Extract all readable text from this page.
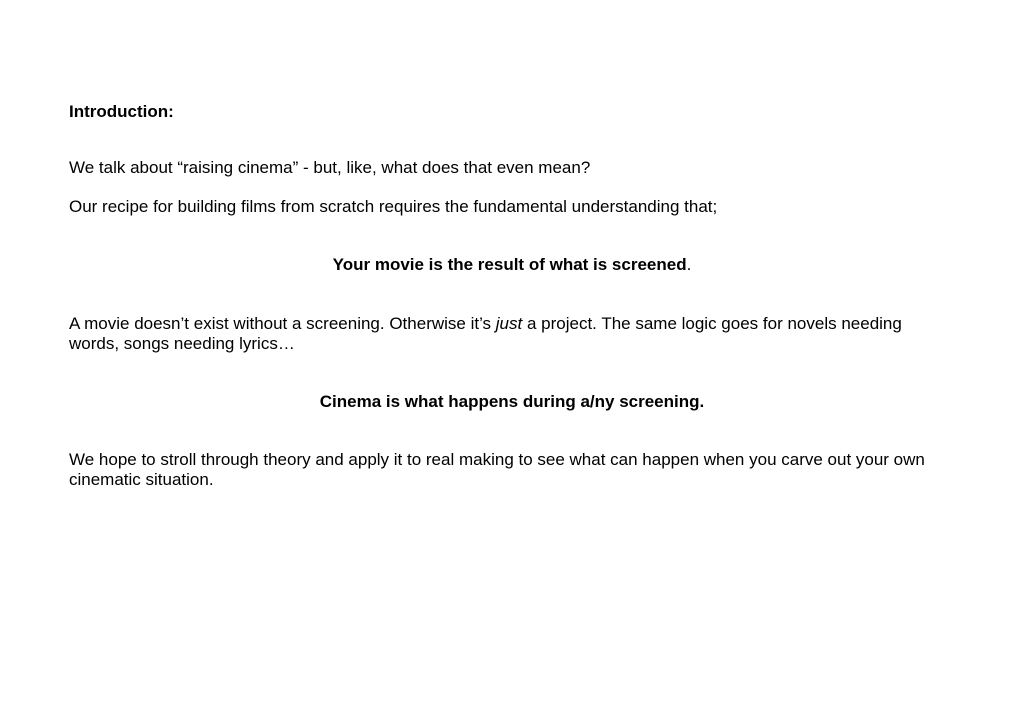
Introduction:

We talk about “raising cinema” - but, like, what does that even mean?

Our recipe for building films from scratch requires the fundamental understanding that;

Your movie is the result of what is screened.

A movie doesn’t exist without a screening. Otherwise it’s just a project. The same logic goes for novels needing words, songs needing lyrics…

Cinema is what happens during a/ny screening.

We hope to stroll through theory and apply it to real making to see what can happen when you carve out your own cinematic situation.
